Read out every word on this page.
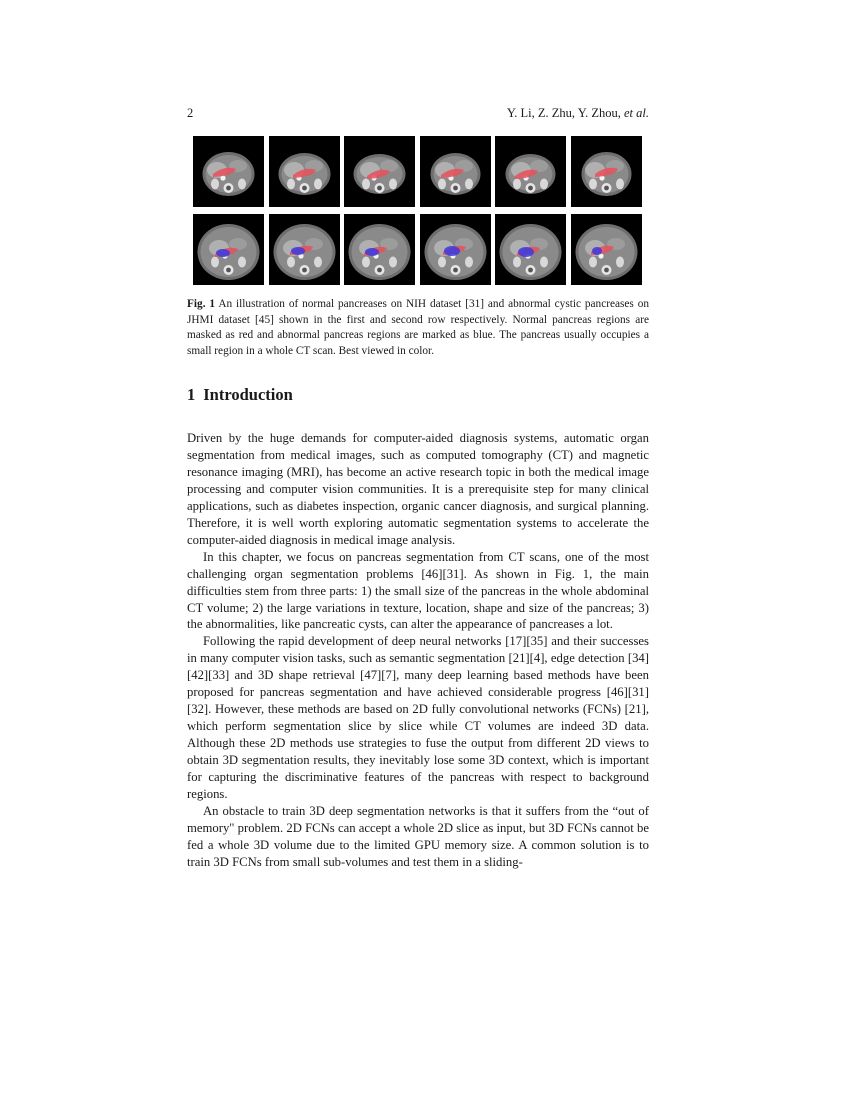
2	Y. Li, Z. Zhu, Y. Zhou, et al.
Fig. 1 An illustration of normal pancreases on NIH dataset [31] and abnormal cystic pancreases on JHMI dataset [45] shown in the first and second row respectively. Normal pancreas regions are masked as red and abnormal pancreas regions are marked as blue. The pancreas usually occupies a small region in a whole CT scan. Best viewed in color.
1 Introduction

Driven by the huge demands for computer-aided diagnosis systems, automatic organ segmentation from medical images, such as computed tomography (CT) and magnetic resonance imaging (MRI), has become an active research topic in both the medical image processing and computer vision communities. It is a prerequisite step for many clinical applications, such as diabetes inspection, organic cancer diagnosis, and surgical planning. Therefore, it is well worth exploring automatic segmentation systems to accelerate the computer-aided diagnosis in medical image analysis.

In this chapter, we focus on pancreas segmentation from CT scans, one of the most challenging organ segmentation problems [46][31]. As shown in Fig. 1, the main difficulties stem from three parts: 1) the small size of the pancreas in the whole abdominal CT volume; 2) the large variations in texture, location, shape and size of the pancreas; 3) the abnormalities, like pancreatic cysts, can alter the appearance of pancreases a lot.

Following the rapid development of deep neural networks [17][35] and their successes in many computer vision tasks, such as semantic segmentation [21][4], edge detection [34][42][33] and 3D shape retrieval [47][7], many deep learning based methods have been proposed for pancreas segmentation and have achieved considerable progress [46][31][32]. However, these methods are based on 2D fully convolutional networks (FCNs) [21], which perform segmentation slice by slice while CT volumes are indeed 3D data. Although these 2D methods use strategies to fuse the output from different 2D views to obtain 3D segmentation results, they inevitably lose some 3D context, which is important for capturing the discriminative features of the pancreas with respect to background regions.

An obstacle to train 3D deep segmentation networks is that it suffers from the “out of memory" problem. 2D FCNs can accept a whole 2D slice as input, but 3D FCNs cannot be fed a whole 3D volume due to the limited GPU memory size. A common solution is to train 3D FCNs from small sub-volumes and test them in a sliding-
